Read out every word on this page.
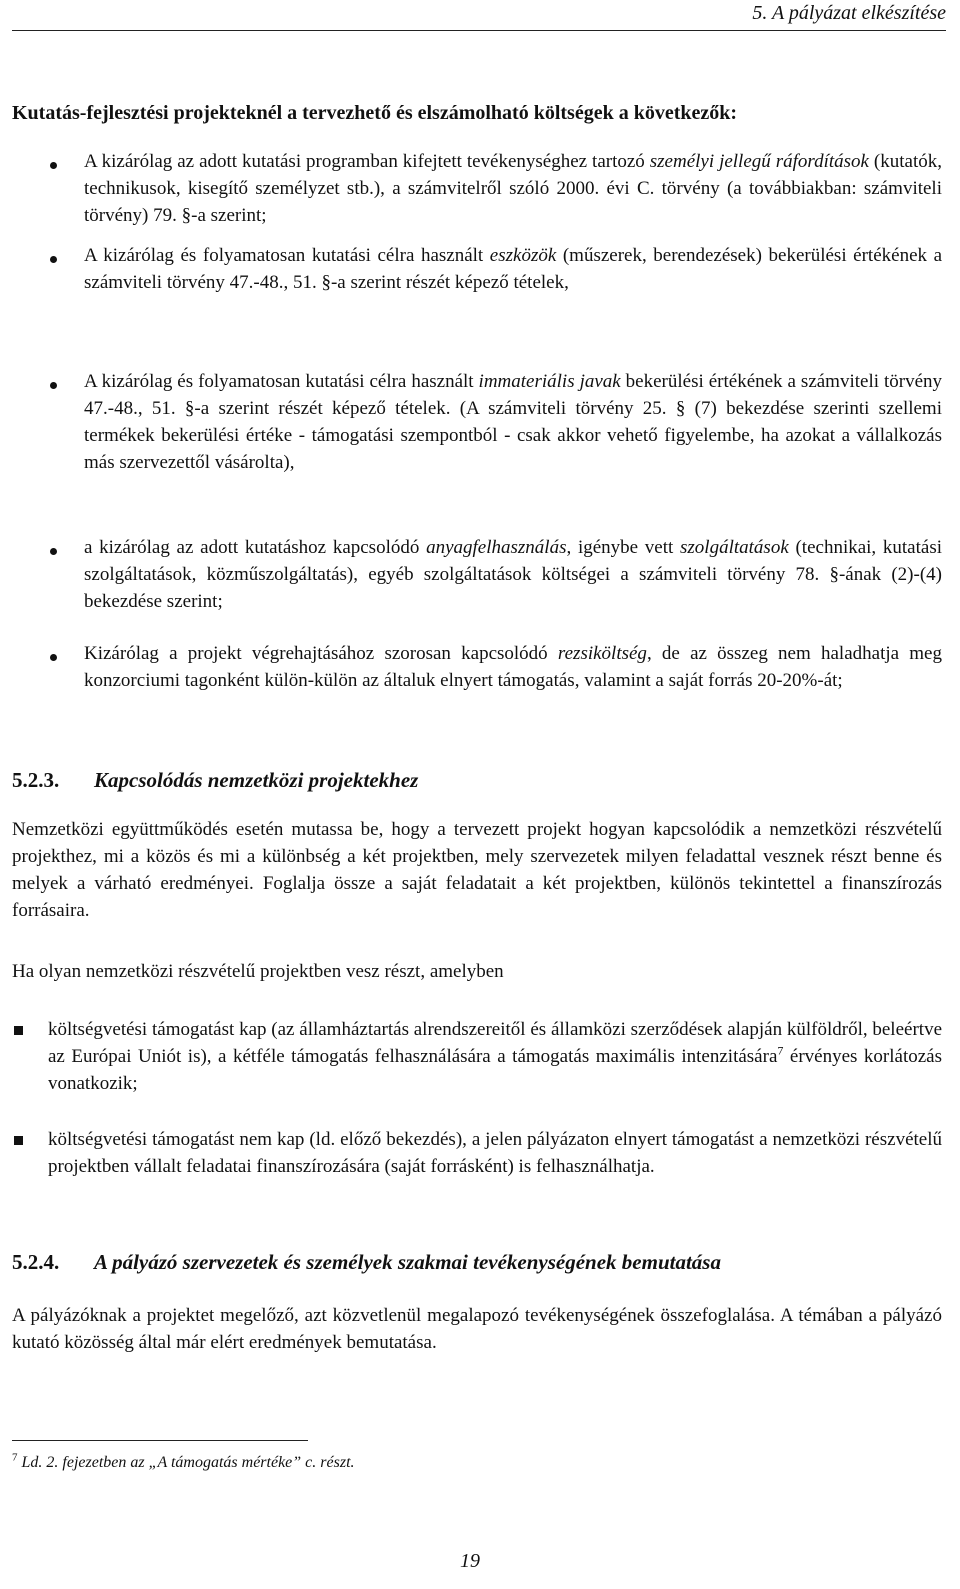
5. A pályázat elkészítése
Kutatás-fejlesztési projekteknél a tervezhető és elszámolható költségek a következők:
A kizárólag az adott kutatási programban kifejtett tevékenységhez tartozó személyi jellegű ráfordítások (kutatók, technikusok, kisegítő személyzet stb.), a számvitelről szóló 2000. évi C. törvény (a továbbiakban: számviteli törvény) 79. §-a szerint;
A kizárólag és folyamatosan kutatási célra használt eszközök (műszerek, berendezések) bekerülési értékének a számviteli törvény 47.-48., 51. §-a szerint részét képező tételek,
A kizárólag és folyamatosan kutatási célra használt immateriális javak bekerülési értékének a számviteli törvény 47.-48., 51. §-a szerint részét képező tételek. (A számviteli törvény 25. § (7) bekezdése szerinti szellemi termékek bekerülési értéke - támogatási szempontból - csak akkor vehető figyelembe, ha azokat a vállalkozás más szervezettől vásárolta),
a kizárólag az adott kutatáshoz kapcsolódó anyagfelhasználás, igénybe vett szolgáltatások (technikai, kutatási szolgáltatások, közműszolgáltatás), egyéb szolgáltatások költségei a számviteli törvény 78. §-ának (2)-(4) bekezdése szerint;
Kizárólag a projekt végrehajtásához szorosan kapcsolódó rezsiköltség, de az összeg nem haladhatja meg konzorciumi tagonként külön-külön az általuk elnyert támogatás, valamint a saját forrás 20-20%-át;
5.2.3. Kapcsolódás nemzetközi projektekhez
Nemzetközi együttműködés esetén mutassa be, hogy a tervezett projekt hogyan kapcsolódik a nemzetközi részvételű projekthez, mi a közös és mi a különbség a két projektben, mely szervezetek milyen feladattal vesznek részt benne és melyek a várható eredményei. Foglalja össze a saját feladatait a két projektben, különös tekintettel a finanszírozás forrásaira.
Ha olyan nemzetközi részvételű projektben vesz részt, amelyben
költségvetési támogatást kap (az államháztartás alrendszereitől és államközi szerződések alapján külföldről, beleértve az Európai Uniót is), a kétféle támogatás felhasználására a támogatás maximális intenzitására$^7$ érvényes korlátozás vonatkozik;
költségvetési támogatást nem kap (ld. előző bekezdés), a jelen pályázaton elnyert támogatást a nemzetközi részvételű projektben vállalt feladatai finanszírozására (saját forrásként) is felhasználhatja.
5.2.4. A pályázó szervezetek és személyek szakmai tevékenységének bemutatása
A pályázóknak a projektet megelőző, azt közvetlenül megalapozó tevékenységének összefoglalása. A témában a pályázó kutató közösség által már elért eredmények bemutatása.
$^7$ Ld. 2. fejezetben az „A támogatás mértéke” c. részt.
19
